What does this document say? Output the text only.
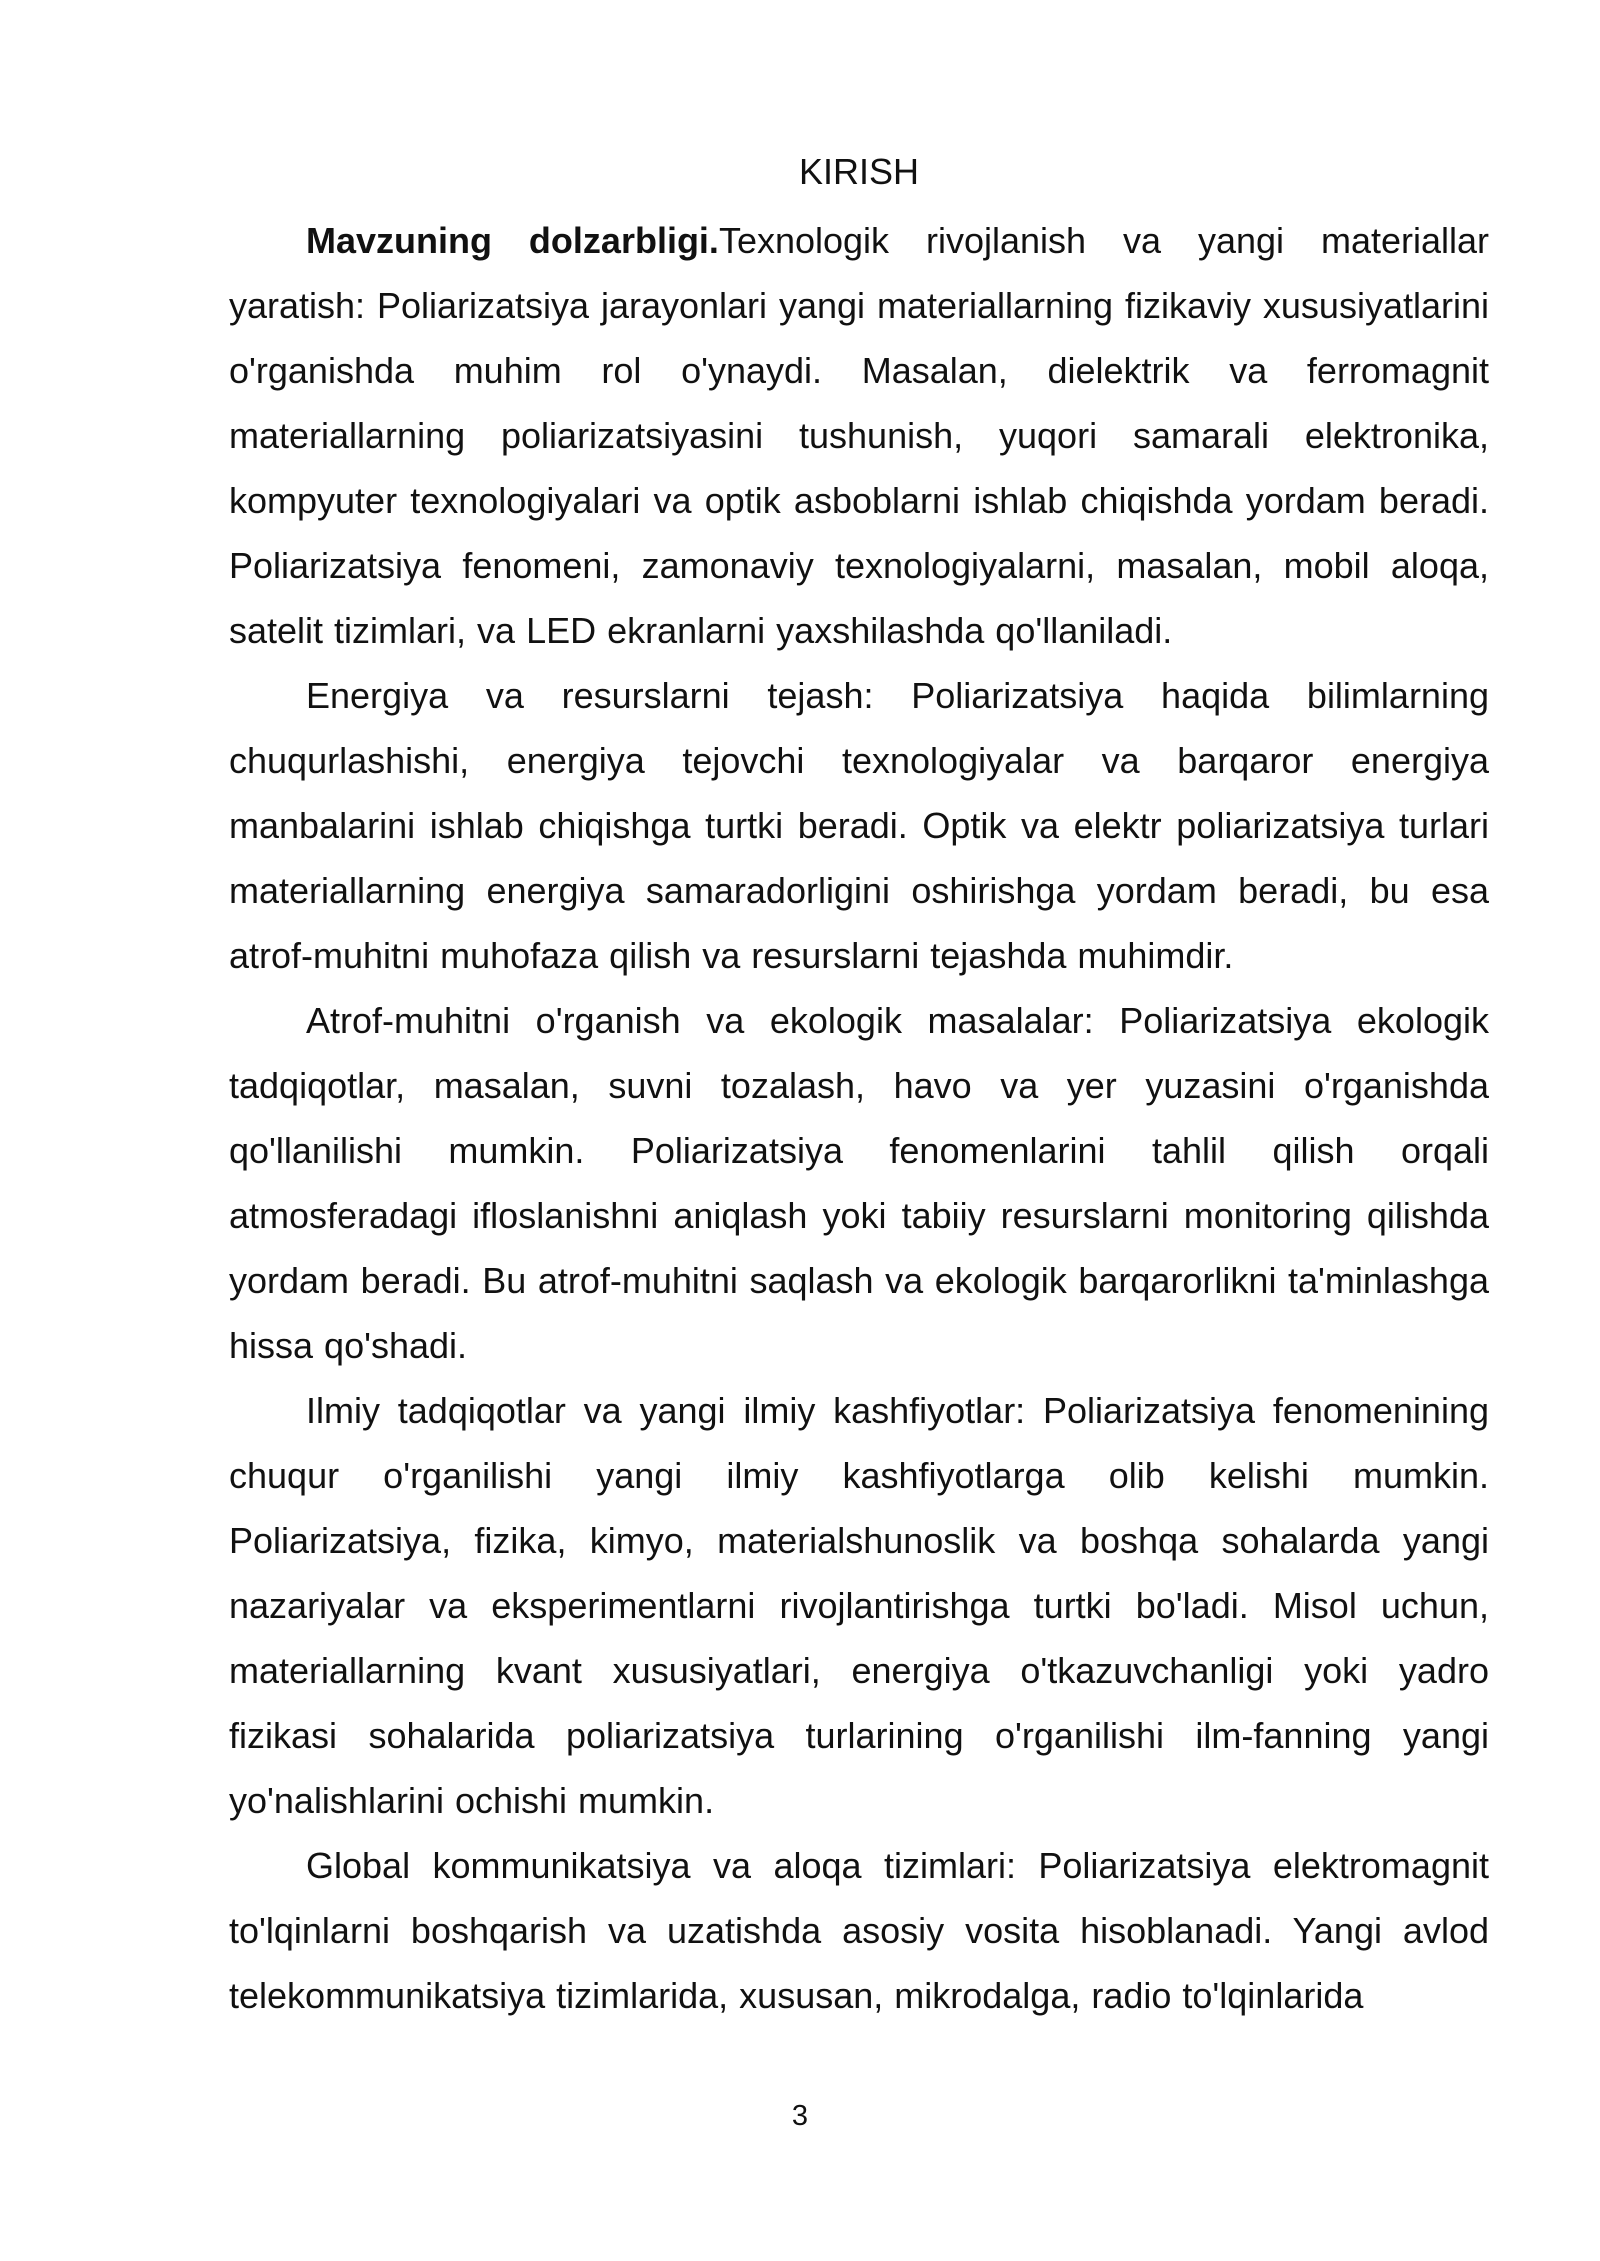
KIRISH

Mavzuning dolzarbligi.Texnologik rivojlanish va yangi materiallar yaratish: Poliarizatsiya jarayonlari yangi materiallarning fizikaviy xususiyatlarini o'rganishda muhim rol o'ynaydi. Masalan, dielektrik va ferromagnit materiallarning poliarizatsiyasini tushunish, yuqori samarali elektronika, kompyuter texnologiyalari va optik asboblarni ishlab chiqishda yordam beradi. Poliarizatsiya fenomeni, zamonaviy texnologiyalarni, masalan, mobil aloqa, satelit tizimlari, va LED ekranlarni yaxshilashda qo'llaniladi.

Energiya va resurslarni tejash: Poliarizatsiya haqida bilimlarning chuqurlashishi, energiya tejovchi texnologiyalar va barqaror energiya manbalarini ishlab chiqishga turtki beradi. Optik va elektr poliarizatsiya turlari materiallarning energiya samaradorligini oshirishga yordam beradi, bu esa atrof-muhitni muhofaza qilish va resurslarni tejashda muhimdir.

Atrof-muhitni o'rganish va ekologik masalalar: Poliarizatsiya ekologik tadqiqotlar, masalan, suvni tozalash, havo va yer yuzasini o'rganishda qo'llanilishi mumkin. Poliarizatsiya fenomenlarini tahlil qilish orqali atmosferadagi ifloslanishni aniqlash yoki tabiiy resurslarni monitoring qilishda yordam beradi. Bu atrof-muhitni saqlash va ekologik barqarorlikni ta'minlashga hissa qo'shadi.

Ilmiy tadqiqotlar va yangi ilmiy kashfiyotlar: Poliarizatsiya fenomenining chuqur o'rganilishi yangi ilmiy kashfiyotlarga olib kelishi mumkin. Poliarizatsiya, fizika, kimyo, materialshunoslik va boshqa sohalarda yangi nazariyalar va eksperimentlarni rivojlantirishga turtki bo'ladi. Misol uchun, materiallarning kvant xususiyatlari, energiya o'tkazuvchanligi yoki yadro fizikasi sohalarida poliarizatsiya turlarining o'rganilishi ilm-fanning yangi yo'nalishlarini ochishi mumkin.

Global kommunikatsiya va aloqa tizimlari: Poliarizatsiya elektromagnit to'lqinlarni boshqarish va uzatishda asosiy vosita hisoblanadi. Yangi avlod telekommunikatsiya tizimlarida, xususan, mikrodalga, radio to'lqinlarida

3
